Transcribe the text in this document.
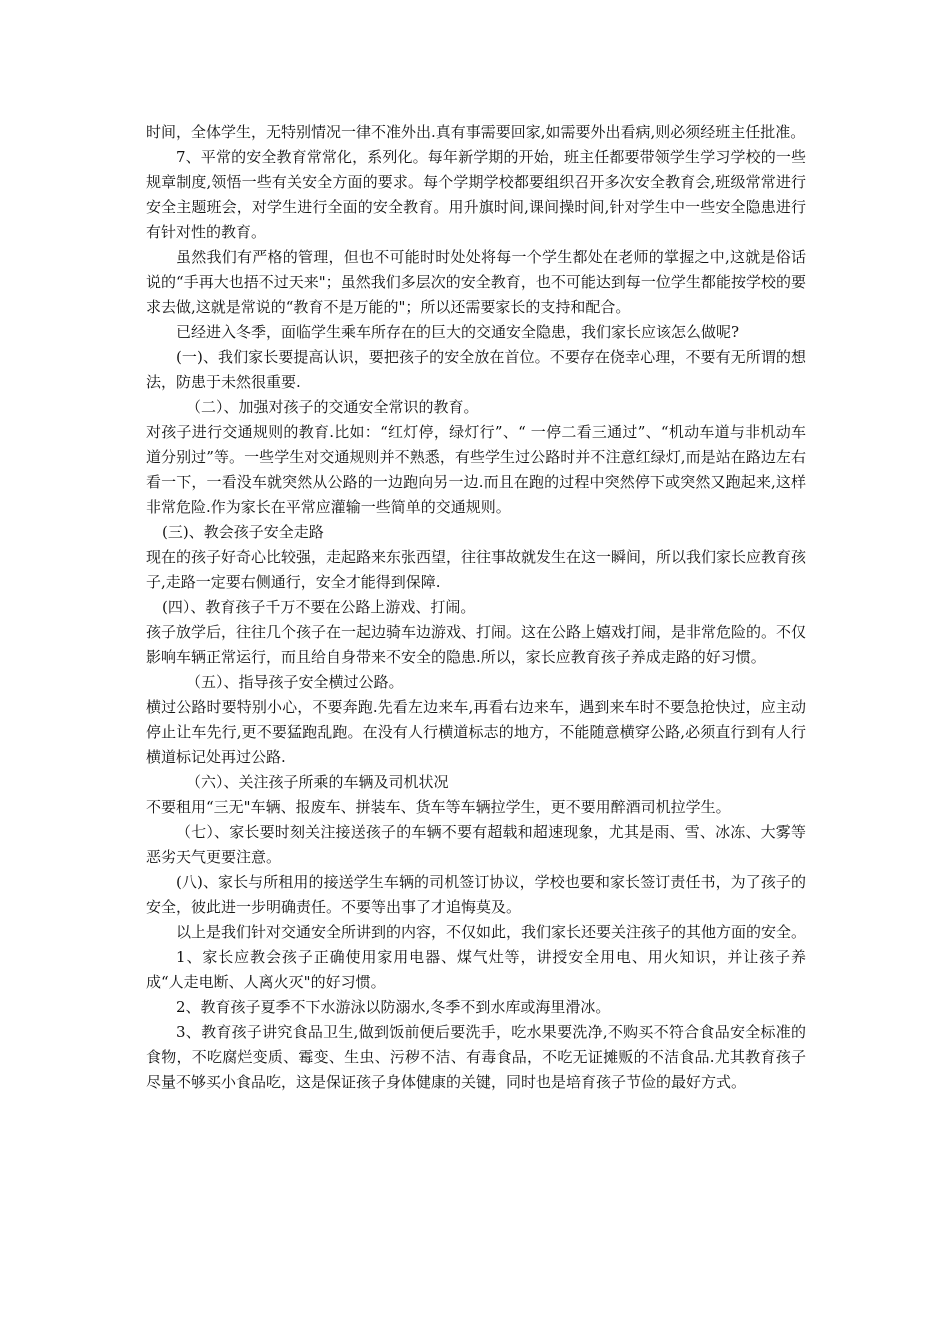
时间，全体学生，无特别情况一律不准外出.真有事需要回家,如需要外出看病,则必须经班主任批准。

7、平常的安全教育常常化，系列化。每年新学期的开始，班主任都要带领学生学习学校的一些规章制度,领悟一些有关安全方面的要求。每个学期学校都要组织召开多次安全教育会,班级常常进行安全主题班会，对学生进行全面的安全教育。用升旗时间,课间操时间,针对学生中一些安全隐患进行有针对性的教育。

虽然我们有严格的管理，但也不可能时时处处将每一个学生都处在老师的掌握之中,这就是俗话说的“手再大也捂不过天来"；虽然我们多层次的安全教育，也不可能达到每一位学生都能按学校的要求去做,这就是常说的“教育不是万能的"；所以还需要家长的支持和配合。

已经进入冬季，面临学生乘车所存在的巨大的交通安全隐患，我们家长应该怎么做呢?

(一)、我们家长要提高认识，要把孩子的安全放在首位。不要存在侥幸心理，不要有无所谓的想法，防患于未然很重要.

（二）、加强对孩子的交通安全常识的教育。

对孩子进行交通规则的教育.比如：“红灯停，绿灯行”、“ 一停二看三通过”、“机动车道与非机动车道分别过”等。一些学生对交通规则并不熟悉，有些学生过公路时并不注意红绿灯,而是站在路边左右看一下，一看没车就突然从公路的一边跑向另一边.而且在跑的过程中突然停下或突然又跑起来,这样非常危险.作为家长在平常应灌输一些简单的交通规则。

(三)、教会孩子安全走路

现在的孩子好奇心比较强，走起路来东张西望，往往事故就发生在这一瞬间，所以我们家长应教育孩子,走路一定要右侧通行，安全才能得到保障.

(四）、教育孩子千万不要在公路上游戏、打闹。

孩子放学后，往往几个孩子在一起边骑车边游戏、打闹。这在公路上嬉戏打闹，是非常危险的。不仅影响车辆正常运行，而且给自身带来不安全的隐患.所以，家长应教育孩子养成走路的好习惯。

（五）、指导孩子安全横过公路。

横过公路时要特别小心，不要奔跑.先看左边来车,再看右边来车，遇到来车时不要急抢快过，应主动停止让车先行,更不要猛跑乱跑。在没有人行横道标志的地方，不能随意横穿公路,必须直行到有人行横道标记处再过公路.

（六）、关注孩子所乘的车辆及司机状况

不要租用“三无"车辆、报废车、拼装车、货车等车辆拉学生，更不要用醉酒司机拉学生。

（七）、家长要时刻关注接送孩子的车辆不要有超载和超速现象，尤其是雨、雪、冰冻、大雾等恶劣天气更要注意。

(八)、家长与所租用的接送学生车辆的司机签订协议，学校也要和家长签订责任书，为了孩子的安全，彼此进一步明确责任。不要等出事了才追悔莫及。

以上是我们针对交通安全所讲到的内容，不仅如此，我们家长还要关注孩子的其他方面的安全。

1、家长应教会孩子正确使用家用电器、煤气灶等，讲授安全用电、用火知识，并让孩子养成“人走电断、人离火灭"的好习惯。

2、教育孩子夏季不下水游泳以防溺水,冬季不到水库或海里滑冰。

3、教育孩子讲究食品卫生,做到饭前便后要洗手，吃水果要洗净,不购买不符合食品安全标准的食物，不吃腐烂变质、霉变、生虫、污秽不洁、有毒食品，不吃无证摊贩的不洁食品.尤其教育孩子尽量不够买小食品吃，这是保证孩子身体健康的关键，同时也是培育孩子节俭的最好方式。
